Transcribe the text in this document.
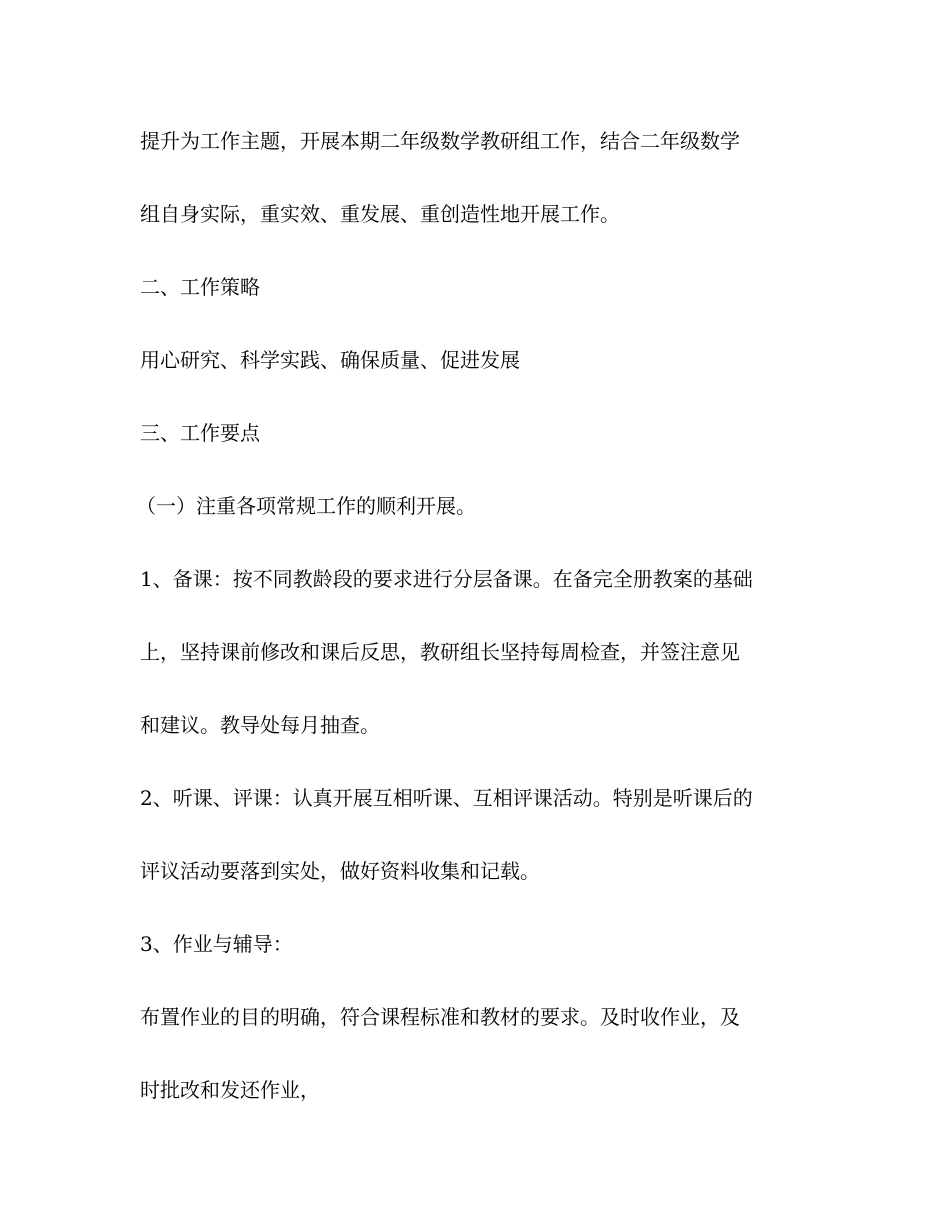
提升为工作主题，开展本期二年级数学教研组工作，结合二年级数学
组自身实际，重实效、重发展、重创造性地开展工作。
二、工作策略
用心研究、科学实践、确保质量、促进发展
三、工作要点
（一）注重各项常规工作的顺利开展。
1、备课：按不同教龄段的要求进行分层备课。在备完全册教案的基础
上，坚持课前修改和课后反思，教研组长坚持每周检查，并签注意见
和建议。教导处每月抽查。
2、听课、评课：认真开展互相听课、互相评课活动。特别是听课后的
评议活动要落到实处，做好资料收集和记载。
3、作业与辅导：
布置作业的目的明确，符合课程标准和教材的要求。及时收作业，及
时批改和发还作业，
